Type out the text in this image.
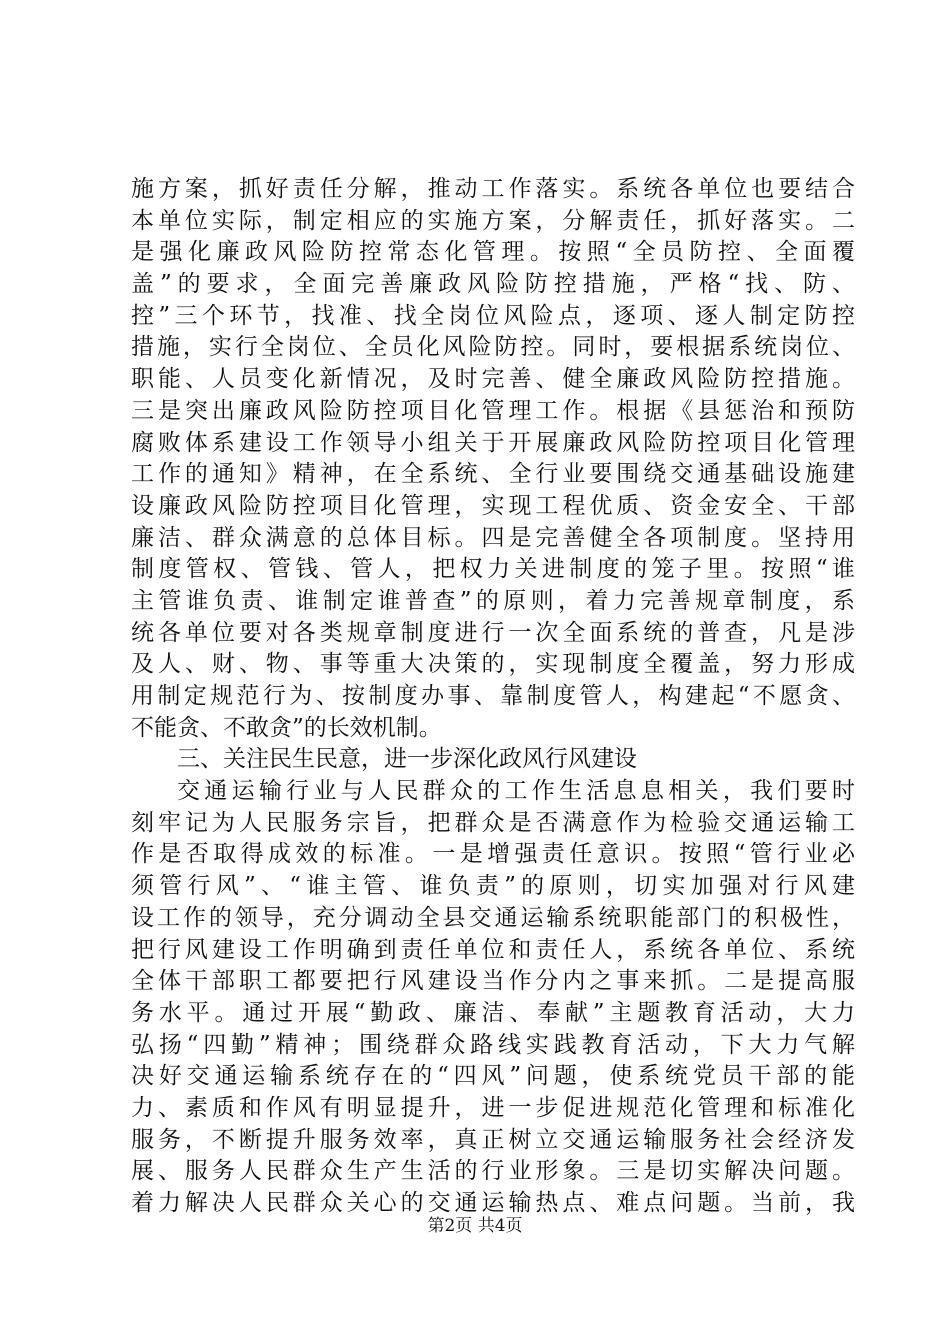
施方案，抓好责任分解，推动工作落实。系统各单位也要结合
本单位实际，制定相应的实施方案，分解责任，抓好落实。二
是强化廉政风险防控常态化管理。按照“全员防控、全面覆
盖”的要求，全面完善廉政风险防控措施，严格“找、防、
控”三个环节，找准、找全岗位风险点，逐项、逐人制定防控
措施，实行全岗位、全员化风险防控。同时，要根据系统岗位、
职能、人员变化新情况，及时完善、健全廉政风险防控措施。
三是突出廉政风险防控项目化管理工作。根据《县惩治和预防
腐败体系建设工作领导小组关于开展廉政风险防控项目化管理
工作的通知》精神，在全系统、全行业要围绕交通基础设施建
设廉政风险防控项目化管理，实现工程优质、资金安全、干部
廉洁、群众满意的总体目标。四是完善健全各项制度。坚持用
制度管权、管钱、管人，把权力关进制度的笼子里。按照“谁
主管谁负责、谁制定谁普查”的原则，着力完善规章制度，系
统各单位要对各类规章制度进行一次全面系统的普查，凡是涉
及人、财、物、事等重大决策的，实现制度全覆盖，努力形成
用制定规范行为、按制度办事、靠制度管人，构建起“不愿贪、
不能贪、不敢贪”的长效机制。
三、关注民生民意，进一步深化政风行风建设
交通运输行业与人民群众的工作生活息息相关，我们要时
刻牢记为人民服务宗旨，把群众是否满意作为检验交通运输工
作是否取得成效的标准。一是增强责任意识。按照“管行业必
须管行风”、“谁主管、谁负责”的原则，切实加强对行风建
设工作的领导，充分调动全县交通运输系统职能部门的积极性，
把行风建设工作明确到责任单位和责任人，系统各单位、系统
全体干部职工都要把行风建设当作分内之事来抓。二是提高服
务水平。通过开展“勤政、廉洁、奉献”主题教育活动，大力
弘扬“四勤”精神；围绕群众路线实践教育活动，下大力气解
决好交通运输系统存在的“四风”问题，使系统党员干部的能
力、素质和作风有明显提升，进一步促进规范化管理和标准化
服务，不断提升服务效率，真正树立交通运输服务社会经济发
展、服务人民群众生产生活的行业形象。三是切实解决问题。
着力解决人民群众关心的交通运输热点、难点问题。当前，我
第2页 共4页
